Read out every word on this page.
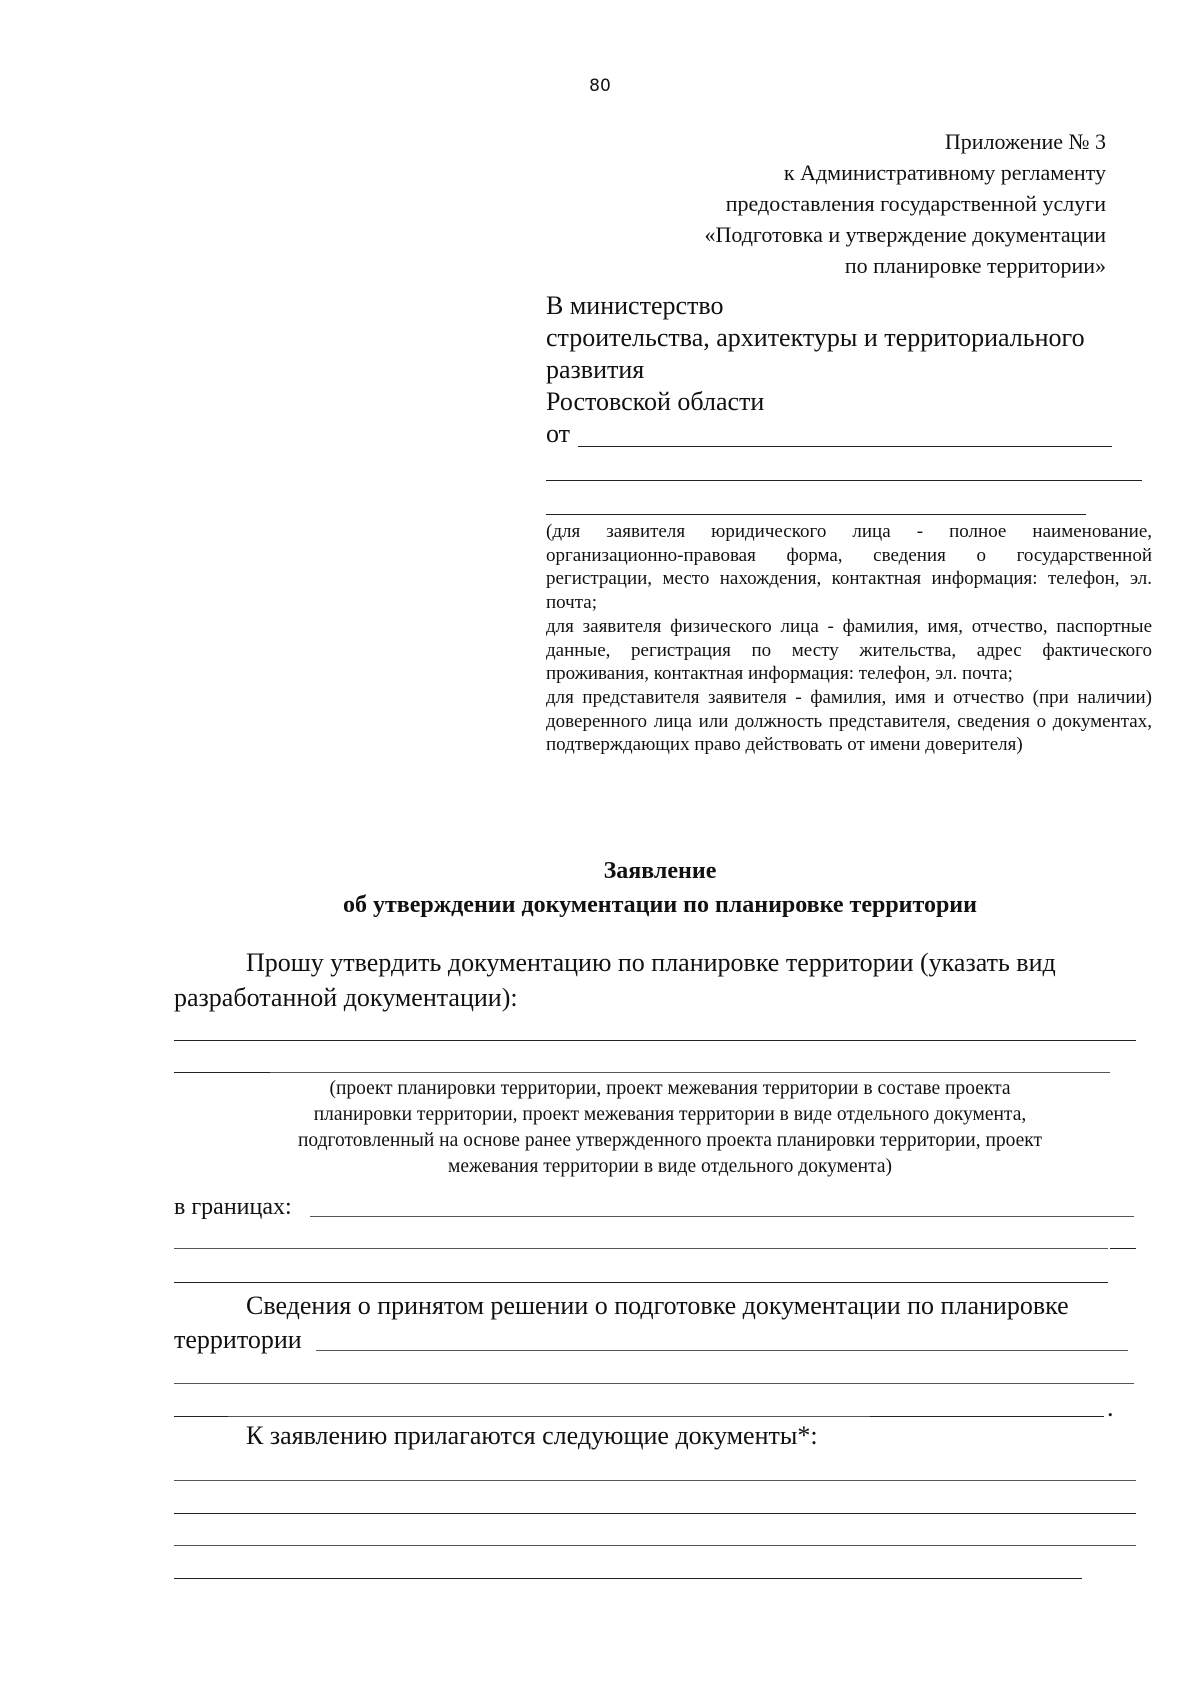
80
Приложение № 3
к Административному регламенту
предоставления государственной услуги
«Подготовка и утверждение документации
по планировке территории»
В министерство
строительства, архитектуры и территориального
развития
Ростовской области
от

(для заявителя юридического лица - полное наименование, организационно-правовая форма, сведения о государственной регистрации, место нахождения, контактная информация: телефон, эл. почта;

для заявителя физического лица - фамилия, имя, отчество, паспортные данные, регистрация по месту жительства, адрес фактического проживания, контактная информация: телефон, эл. почта;

для представителя заявителя - фамилия, имя и отчество (при наличии) доверенного лица или должность представителя, сведения о документах, подтверждающих право действовать от имени доверителя)

Заявление
об утверждении документации по планировке территории
Прошу утвердить документацию по планировке территории (указать вид
разработанной документации):
(проект планировки территории, проект межевания территории в составе проекта
планировки территории, проект межевания территории в виде отдельного документа,
подготовленный на основе ранее утвержденного проекта планировки территории, проект
межевания территории в виде отдельного документа)
в границах:
Сведения о принятом решении о подготовке документации по планировке
территории
.
К заявлению прилагаются следующие документы*:
